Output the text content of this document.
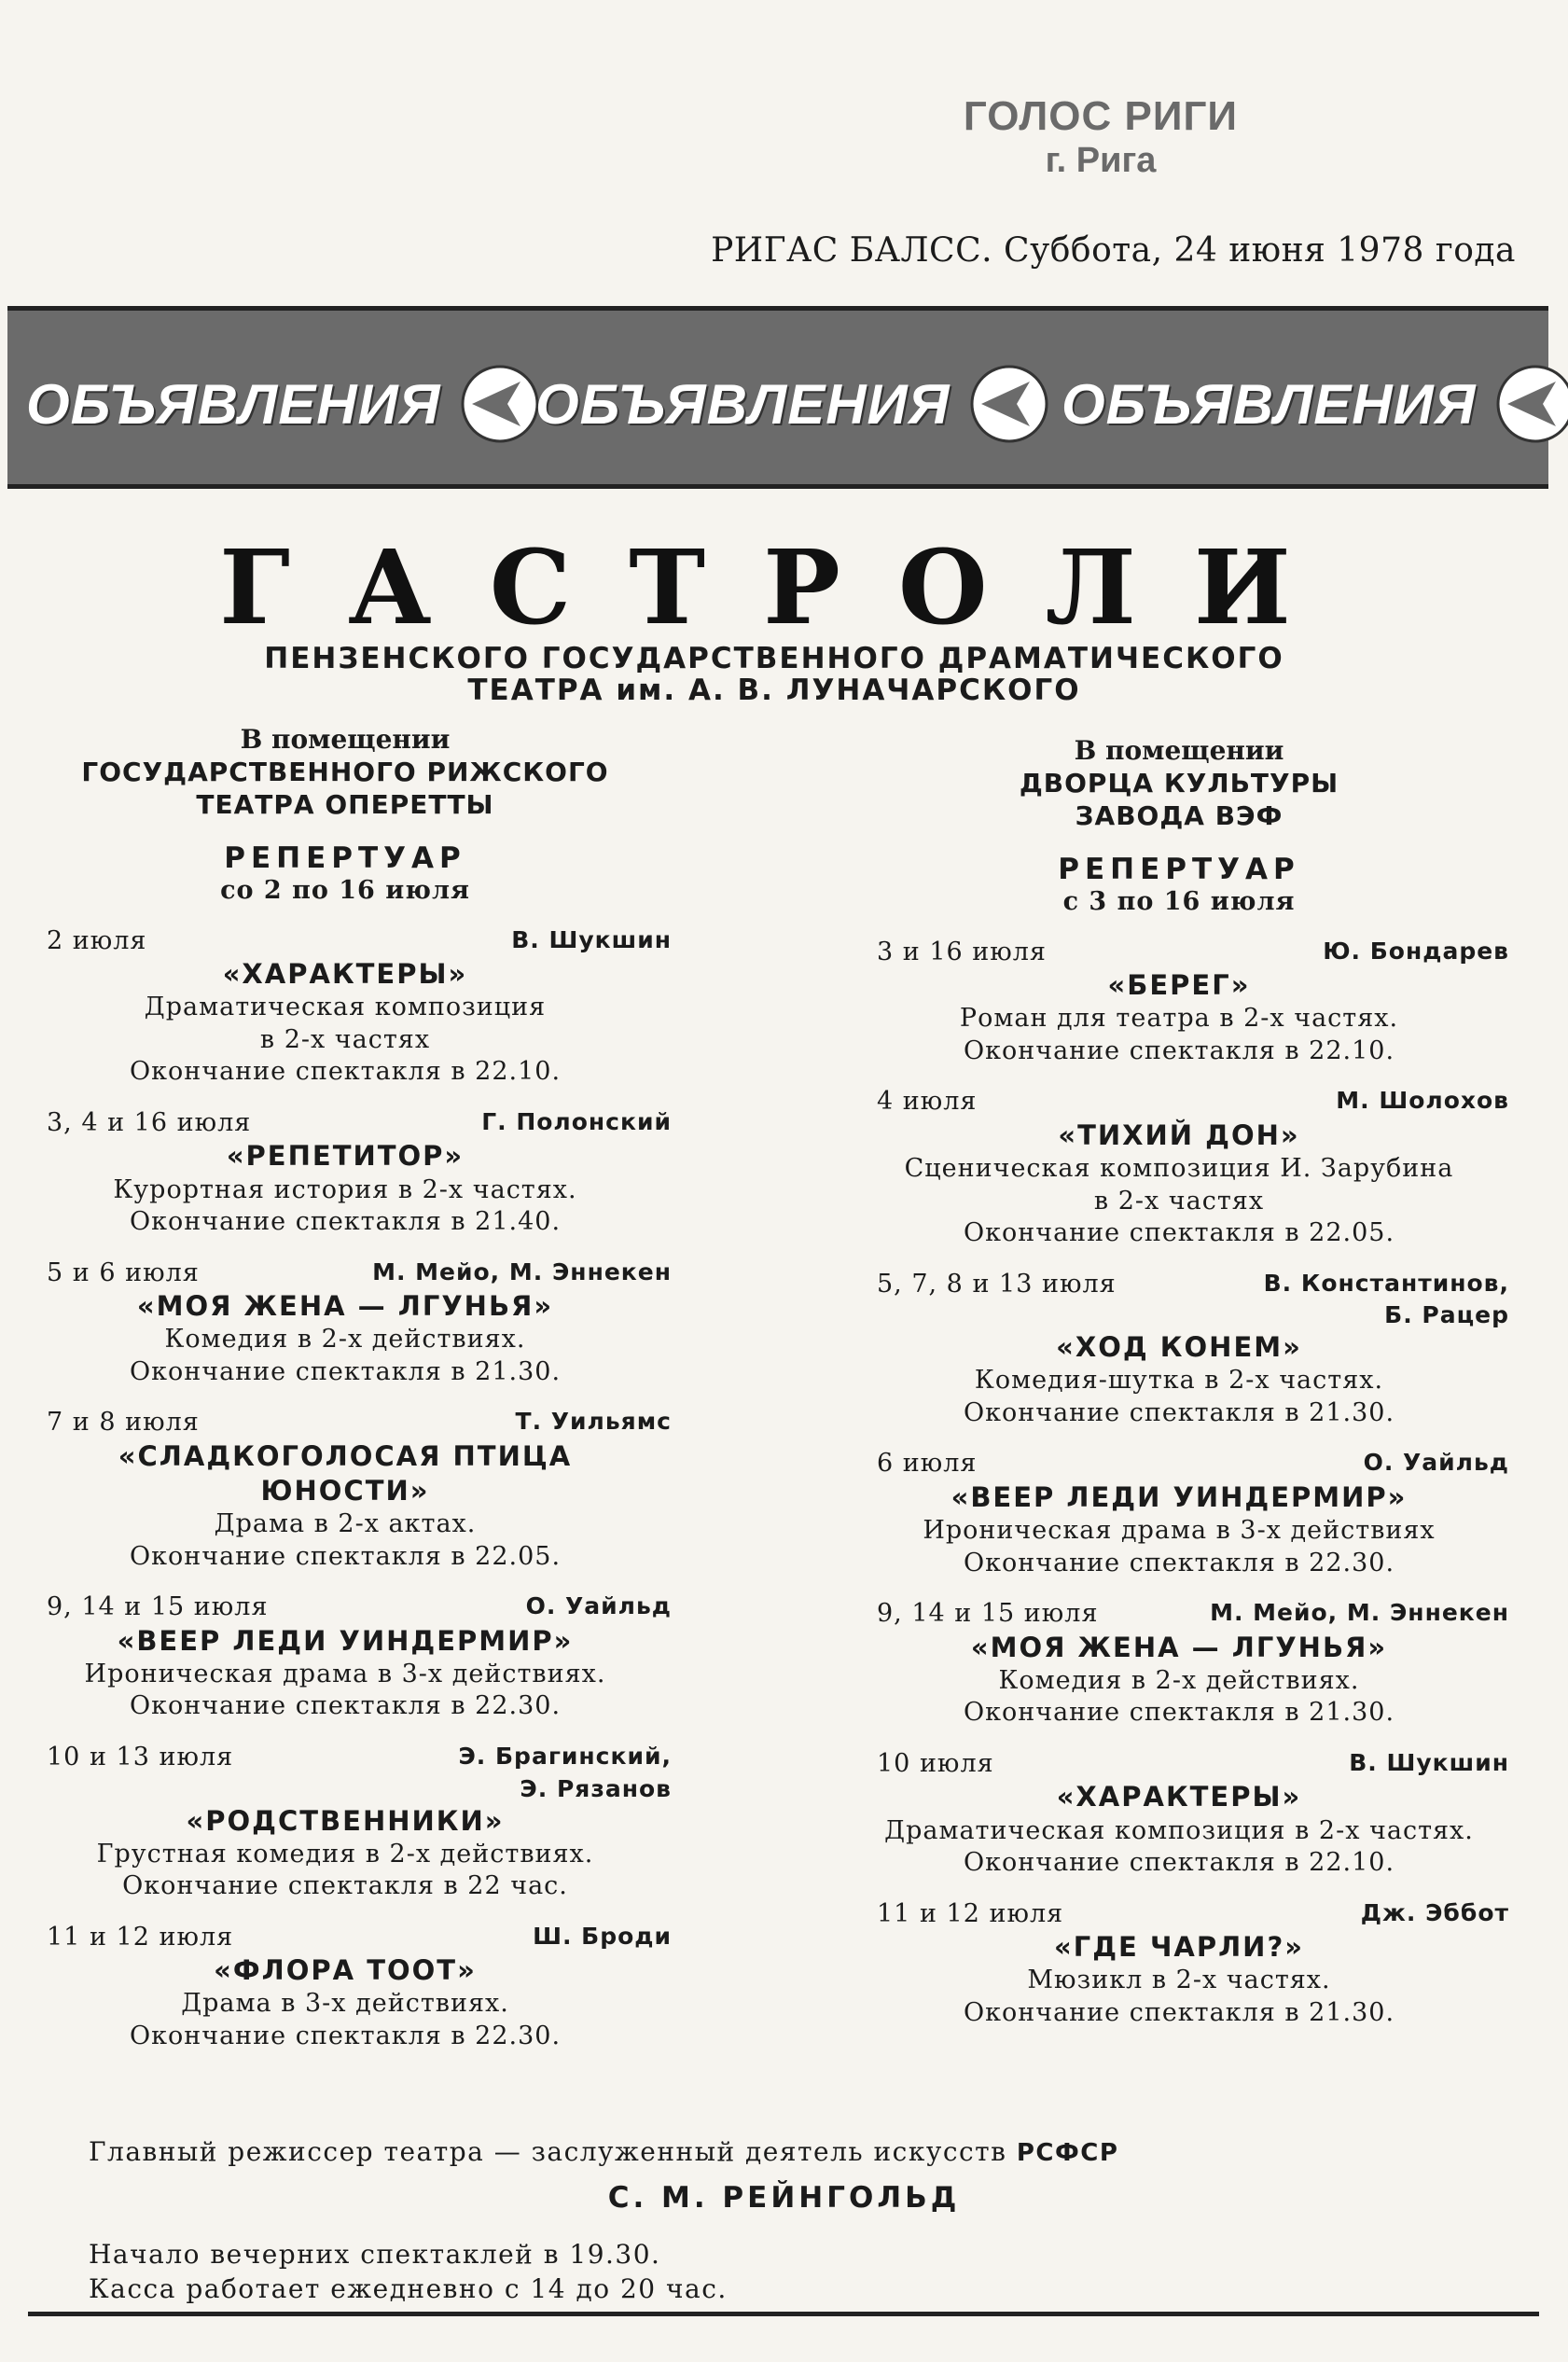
ГОЛОС РИГИ
г. Рига
РИГАС БАЛСС. Суббота, 24 июня 1978 года
ОБЪЯВЛЕНИЯ ОБЪЯВЛЕНИЯ ОБЪЯВЛЕНИЯ
ГАСТРОЛИ
ПЕНЗЕНСКОГО ГОСУДАРСТВЕННОГО ДРАМАТИЧЕСКОГО
ТЕАТРА им. А. В. ЛУНАЧАРСКОГО
В помещении
ГОСУДАРСТВЕННОГО РИЖСКОГО
ТЕАТРА ОПЕРЕТТЫ
РЕПЕРТУАР
со 2 по 16 июля
2 июля	В. Шукшин
«ХАРАКТЕРЫ»
Драматическая композиция
в 2-х частях
Окончание спектакля в 22.10.
3, 4 и 16 июля	Г. Полонский
«РЕПЕТИТОР»
Курортная история в 2-х частях.
Окончание спектакля в 21.40.
5 и 6 июля	М. Мейо, М. Эннекен
«МОЯ ЖЕНА — ЛГУНЬЯ»
Комедия в 2-х действиях.
Окончание спектакля в 21.30.
7 и 8 июля	Т. Уильямс
«СЛАДКОГОЛОСАЯ ПТИЦА
ЮНОСТИ»
Драма в 2-х актах.
Окончание спектакля в 22.05.
9, 14 и 15 июля	О. Уайльд
«ВЕЕР ЛЕДИ УИНДЕРМИР»
Ироническая драма в 3-х действиях.
Окончание спектакля в 22.30.
10 и 13 июля	Э. Брагинский,
Э. Рязанов
«РОДСТВЕННИКИ»
Грустная комедия в 2-х действиях.
Окончание спектакля в 22 час.
11 и 12 июля	Ш. Броди
«ФЛОРА ТООТ»
Драма в 3-х действиях.
Окончание спектакля в 22.30.
В помещении
ДВОРЦА КУЛЬТУРЫ
ЗАВОДА ВЭФ
РЕПЕРТУАР
с 3 по 16 июля
3 и 16 июля	Ю. Бондарев
«БЕРЕГ»
Роман для театра в 2-х частях.
Окончание спектакля в 22.10.
4 июля	М. Шолохов
«ТИХИЙ ДОН»
Сценическая композиция И. Зарубина
в 2-х частях
Окончание спектакля в 22.05.
5, 7, 8 и 13 июля	В. Константинов,
Б. Рацер
«ХОД КОНЕМ»
Комедия-шутка в 2-х частях.
Окончание спектакля в 21.30.
6 июля	О. Уайльд
«ВЕЕР ЛЕДИ УИНДЕРМИР»
Ироническая драма в 3-х действиях
Окончание спектакля в 22.30.
9, 14 и 15 июля	М. Мейо, М. Эннекен
«МОЯ ЖЕНА — ЛГУНЬЯ»
Комедия в 2-х действиях.
Окончание спектакля в 21.30.
10 июля	В. Шукшин
«ХАРАКТЕРЫ»
Драматическая композиция в 2-х частях.
Окончание спектакля в 22.10.
11 и 12 июля	Дж. Эббот
«ГДЕ ЧАРЛИ?»
Мюзикл в 2-х частях.
Окончание спектакля в 21.30.
Главный режиссер театра — заслуженный деятель искусств РСФСР
С. М. РЕЙНГОЛЬД
Начало вечерних спектаклей в 19.30.
Касса работает ежедневно с 14 до 20 час.
